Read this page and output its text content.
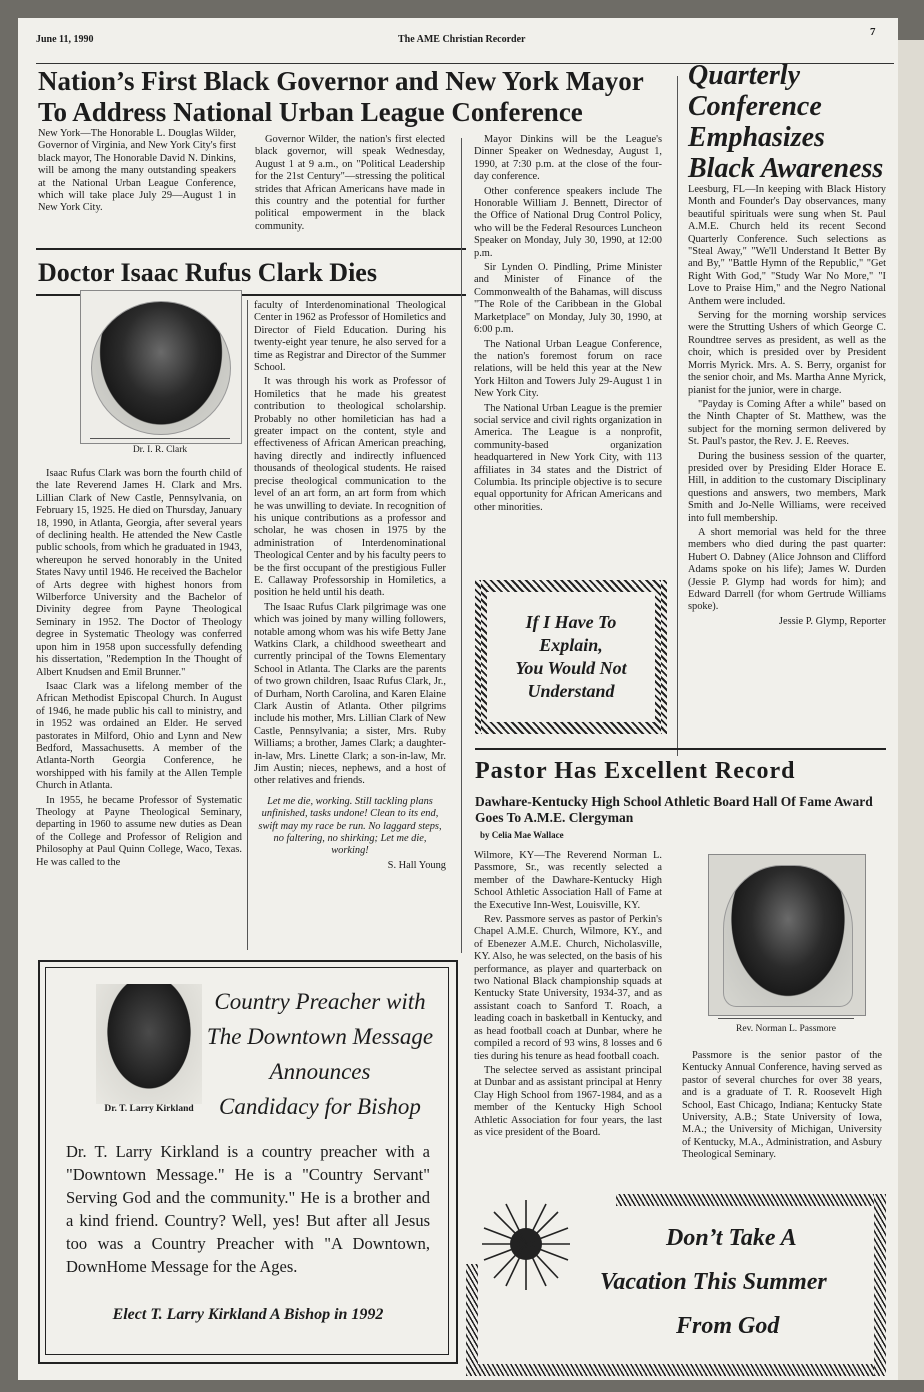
June 11, 1990	The AME Christian Recorder
7
Nation’s First Black Governor and New York Mayor
To Address National Urban League Conference

New York—The Honorable L. Douglas Wilder, Governor of Virginia, and New York City's first black mayor, The Honorable David N. Dinkins, will be among the many outstanding speakers at the National Urban League Conference, which will take place July 29—August 1 in New York City.

Governor Wilder, the nation's first elected black governor, will speak Wednesday, August 1 at 9 a.m., on "Political Leadership for the 21st Century"—stressing the political strides that African Americans have made in this country and the potential for further political empowerment in the black community.

Mayor Dinkins will be the League's Dinner Speaker on Wednesday, August 1, 1990, at 7:30 p.m. at the close of the four-day conference.

Other conference speakers include The Honorable William J. Bennett, Director of the Office of National Drug Control Policy, who will be the Federal Resources Luncheon Speaker on Monday, July 30, 1990, at 12:00 p.m.

Sir Lynden O. Pindling, Prime Minister and Minister of Finance of the Commonwealth of the Bahamas, will discuss "The Role of the Caribbean in the Global Marketplace" on Monday, July 30, 1990, at 6:00 p.m.

The National Urban League Conference, the nation's foremost forum on race relations, will be held this year at the New York Hilton and Towers July 29-August 1 in New York City.

The National Urban League is the premier social service and civil rights organization in America. The League is a nonprofit, community-based organization headquartered in New York City, with 113 affiliates in 34 states and the District of Columbia. Its principle objective is to secure equal opportunity for African Americans and other minorities.

Quarterly
Conference
Emphasizes
Black Awareness

Leesburg, FL—In keeping with Black History Month and Founder's Day observances, many beautiful spirituals were sung when St. Paul A.M.E. Church held its recent Second Quarterly Conference. Such selections as "Steal Away," "We'll Understand It Better By and By," "Battle Hymn of the Republic," "Get Right With God," "Study War No More," "I Love to Praise Him," and the Negro National Anthem were included.

Serving for the morning worship services were the Strutting Ushers of which George C. Roundtree serves as president, as well as the choir, which is presided over by President Morris Myrick. Mrs. A. S. Berry, organist for the senior choir, and Ms. Martha Anne Myrick, pianist for the junior, were in charge.

"Payday is Coming After a while" based on the Ninth Chapter of St. Matthew, was the subject for the morning sermon delivered by St. Paul's pastor, the Rev. J. E. Reeves.

During the business session of the quarter, presided over by Presiding Elder Horace E. Hill, in addition to the customary Disciplinary questions and answers, two members, Mark Smith and Jo-Nelle Williams, were received into full membership.

A short memorial was held for the three members who died during the past quarter: Hubert O. Dabney (Alice Johnson and Clifford Adams spoke on his life); James W. Durden (Jessie P. Glymp had words for him); and Edward Darrell (for whom Gertrude Williams spoke).

Jessie P. Glymp, Reporter
Doctor Isaac Rufus Clark Dies
Dr. I. R. Clark

Isaac Rufus Clark was born the fourth child of the late Reverend James H. Clark and Mrs. Lillian Clark of New Castle, Pennsylvania, on February 15, 1925. He died on Thursday, January 18, 1990, in Atlanta, Georgia, after several years of declining health. He attended the New Castle public schools, from which he graduated in 1943, whereupon he served honorably in the United States Navy until 1946. He received the Bachelor of Arts degree with highest honors from Wilberforce University and the Bachelor of Divinity degree from Payne Theological Seminary in 1952. The Doctor of Theology degree in Systematic Theology was conferred upon him in 1958 upon successfully defending his dissertation, "Redemption In the Thought of Albert Knudsen and Emil Brunner."

Isaac Clark was a lifelong member of the African Methodist Episcopal Church. In August of 1946, he made public his call to ministry, and in 1952 was ordained an Elder. He served pastorates in Milford, Ohio and Lynn and New Bedford, Massachusetts. A member of the Atlanta-North Georgia Conference, he worshipped with his family at the Allen Temple Church in Atlanta.

In 1955, he became Professor of Systematic Theology at Payne Theological Seminary, departing in 1960 to assume new duties as Dean of the College and Professor of Religion and Philosophy at Paul Quinn College, Waco, Texas. He was called to the

faculty of Interdenominational Theological Center in 1962 as Professor of Homiletics and Director of Field Education. During his twenty-eight year tenure, he also served for a time as Registrar and Director of the Summer School.

It was through his work as Professor of Homiletics that he made his greatest contribution to theological scholarship. Probably no other homiletician has had a greater impact on the content, style and effectiveness of African American preaching, having directly and indirectly influenced thousands of theological students. He raised precise theological communication to the level of an art form, an art form from which he was unwilling to deviate. In recognition of his unique contributions as a professor and scholar, he was chosen in 1975 by the administration of Interdenominational Theological Center and by his faculty peers to be the first occupant of the prestigious Fuller E. Callaway Professorship in Homiletics, a position he held until his death.

The Isaac Rufus Clark pilgrimage was one which was joined by many willing followers, notable among whom was his wife Betty Jane Watkins Clark, a childhood sweetheart and currently principal of the Towns Elementary School in Atlanta. The Clarks are the parents of two grown children, Isaac Rufus Clark, Jr., of Durham, North Carolina, and Karen Elaine Clark Austin of Atlanta. Other pilgrims include his mother, Mrs. Lillian Clark of New Castle, Pennsylvania; a sister, Mrs. Ruby Williams; a brother, James Clark; a daughter-in-law, Mrs. Linette Clark; a son-in-law, Mr. Jim Austin; nieces, nephews, and a host of other relatives and friends.

Let me die, working. Still tackling plans unfinished, tasks undone! Clean to its end, swift may my race be run. No laggard steps, no faltering, no shirking; Let me die, working!
S. Hall Young
If I Have To
Explain,
You Would Not
Understand
Pastor Has Excellent Record
Dawhare-Kentucky High School Athletic Board Hall Of Fame Award Goes To A.M.E. Clergyman
by Celia Mae Wallace

Wilmore, KY—The Reverend Norman L. Passmore, Sr., was recently selected a member of the Dawhare-Kentucky High School Athletic Association Hall of Fame at the Executive Inn-West, Louisville, KY.

Rev. Passmore serves as pastor of Perkin's Chapel A.M.E. Church, Wilmore, KY., and of Ebenezer A.M.E. Church, Nicholasville, KY. Also, he was selected, on the basis of his performance, as player and quarterback on two National Black championship squads at Kentucky State University, 1934-37, and as assistant coach to Sanford T. Roach, a leading coach in basketball in Kentucky, and as head football coach at Dunbar, where he compiled a record of 93 wins, 8 losses and 6 ties during his tenure as head football coach.

The selectee served as assistant principal at Dunbar and as assistant principal at Henry Clay High School from 1967-1984, and as a member of the Kentucky High School Athletic Association for four years, the last as vice president of the Board.

Rev. Norman L. Passmore

Passmore is the senior pastor of the Kentucky Annual Conference, having served as pastor of several churches for over 38 years, and is a graduate of T. R. Roosevelt High School, East Chicago, Indiana; Kentucky State University, A.B.; State University of Iowa, M.A.; the University of Michigan, University of Kentucky, M.A., Administration, and Asbury Theological Seminary.

Dr. T. Larry Kirkland
Country Preacher with
The Downtown Message
Announces
Candidacy for Bishop
Dr. T. Larry Kirkland is a country preacher with a "Downtown Message." He is a "Country Servant" Serving God and the community." He is a brother and a kind friend. Country? Well, yes! But after all Jesus too was a Country Preacher with "A Downtown, DownHome Message for the Ages.
Elect T. Larry Kirkland A Bishop in 1992
Don’t Take A
Vacation This Summer
From God
